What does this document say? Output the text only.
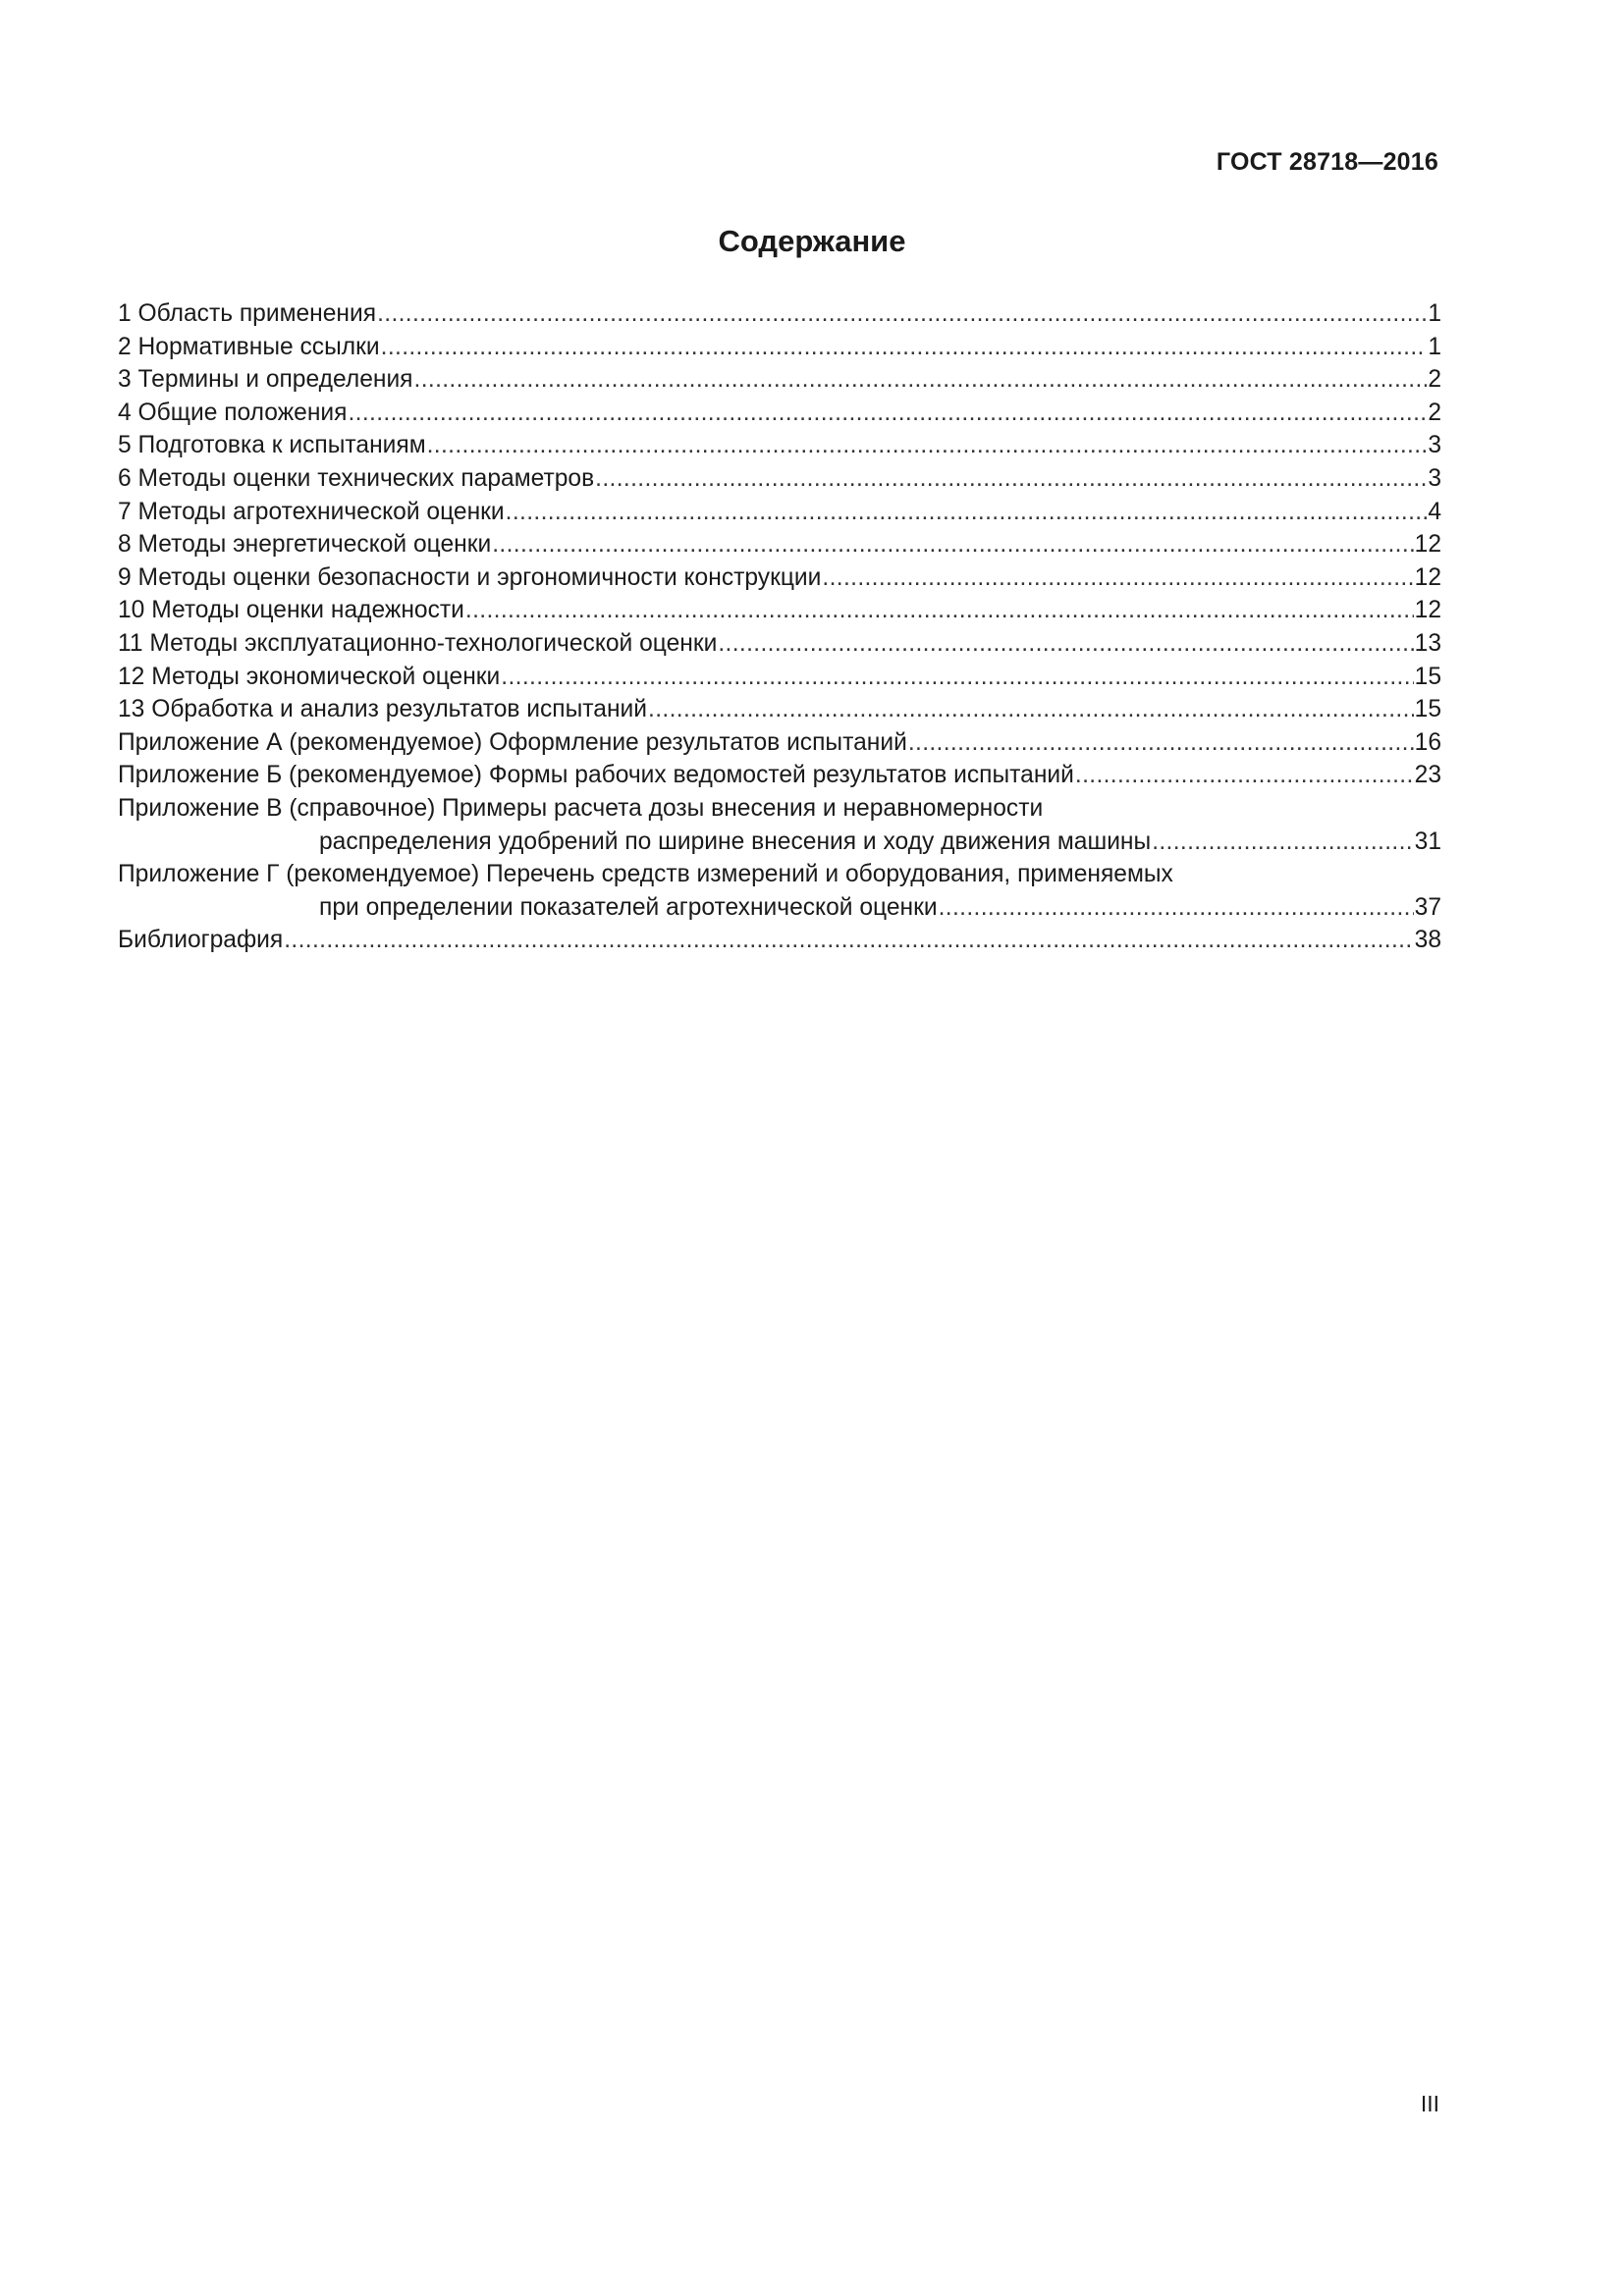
ГОСТ 28718—2016
Содержание
1 Область применения .....	1
2 Нормативные ссылки .....	1
3 Термины и определения .....	2
4 Общие положения .....	2
5 Подготовка к испытаниям .....	3
6 Методы оценки технических параметров .....	3
7 Методы агротехнической оценки .....	4
8 Методы энергетической оценки .....	12
9 Методы оценки безопасности и эргономичности конструкции .....	12
10 Методы оценки надежности .....	12
11 Методы эксплуатационно-технологической оценки .....	13
12 Методы экономической оценки .....	15
13 Обработка и анализ результатов испытаний .....	15
Приложение А (рекомендуемое) Оформление результатов испытаний .....	16
Приложение Б (рекомендуемое) Формы рабочих ведомостей результатов испытаний .....	23
Приложение В (справочное) Примеры расчета дозы внесения и неравномерности
распределения удобрений по ширине внесения и ходу движения машины .....	31
Приложение Г (рекомендуемое) Перечень средств измерений и оборудования, применяемых
при определении показателей агротехнической оценки .....	37
Библиография .....	38
III
